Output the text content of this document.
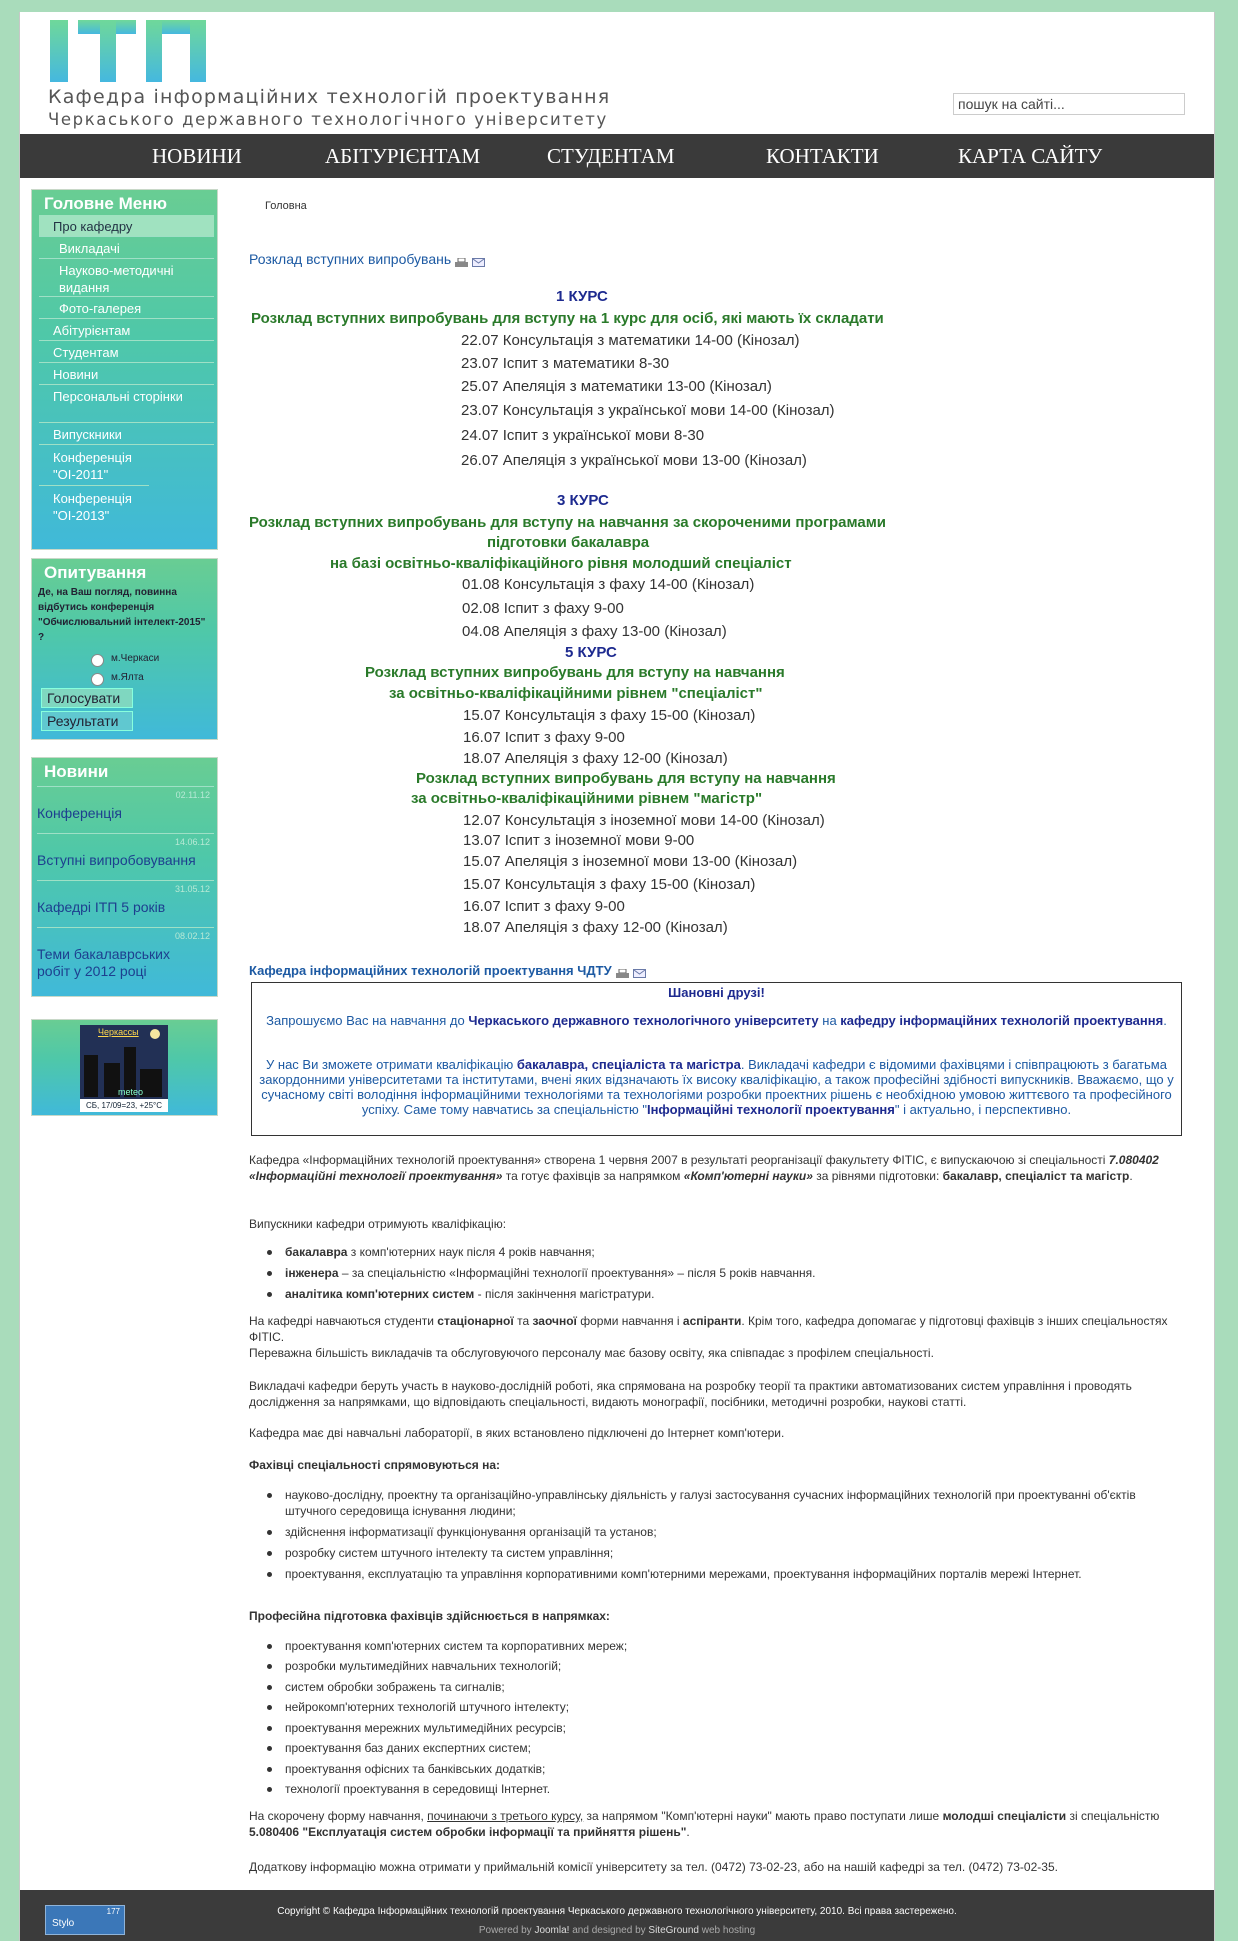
Кафедра інформаційних технологій проектування
Черкаського державного технологічного університету
пошук на сайті...
НОВИНИ	АБІТУРІЄНТАМ	СТУДЕНТАМ	КОНТАКТИ	КАРТА САЙТУ
Головне Меню
Про кафедру
Викладачі
Науково-методичні видання
Фото-галерея
Абітурієнтам
Студентам
Новини
Персональні сторінки
Випускники
Конференція "OI-2011"
Конференція "OI-2013"
Опитування
Де, на Ваш погляд, повинна відбутись конференція "Обчислювальний інтелект-2015" ?
м.Черкаси
м.Ялта
Голосувати
Результати
Новини
02.11.12
Конференція
14.06.12
Вступні випробовування
31.05.12
Кафедрі ІТП 5 років
08.02.12
Теми бакалаврських робіт у 2012 році
Черкассы
meteo
СБ, 17/09=23, +25°C
Головна
Розклад вступних випробувань
1 КУРС
Розклад вступних випробувань для вступу на 1 курс для осіб, які мають їх складати
22.07 Консультація з математики 14-00 (Кінозал)
23.07 Іспит з математики 8-30
25.07 Апеляція з математики 13-00 (Кінозал)
23.07 Консультація з української мови 14-00 (Кінозал)
24.07 Іспит з української мови 8-30
26.07 Апеляція з української мови 13-00 (Кінозал)
3 КУРС
Розклад вступних випробувань для вступу на навчання за скороченими програмами
підготовки бакалавра
на базі освітньо-кваліфікаційного рівня молодший спеціаліст
01.08 Консультація з фаху 14-00 (Кінозал)
02.08 Іспит з фаху 9-00
04.08 Апеляція з фаху 13-00 (Кінозал)
5 КУРС
Розклад вступних випробувань для вступу на навчання
за освітньо-кваліфікаційними рівнем "спеціаліст"
15.07 Консультація з фаху 15-00 (Кінозал)
16.07 Іспит з фаху 9-00
18.07 Апеляція з фаху 12-00 (Кінозал)
Розклад вступних випробувань для вступу на навчання
за освітньо-кваліфікаційними рівнем "магістр"
12.07 Консультація з іноземної мови 14-00 (Кінозал)
13.07 Іспит з іноземної мови 9-00
15.07 Апеляція з іноземної мови 13-00 (Кінозал)
15.07 Консультація з фаху 15-00 (Кінозал)
16.07 Іспит з фаху 9-00
18.07 Апеляція з фаху 12-00 (Кінозал)
Кафедра інформаційних технологій проектування ЧДТУ
Шановні друзі!
Запрошуємо Вас на навчання до Черкаського державного технологічного університету на кафедру інформаційних технологій проектування.
У нас Ви зможете отримати кваліфікацію бакалавра, спеціаліста та магістра. Викладачі кафедри є відомими фахівцями і співпрацюють з багатьма закордонними університетами та інститутами, вчені яких відзначають їх високу кваліфікацію, а також професійні здібності випускників. Вважаємо, що у сучасному світі володіння інформаційними технологіями та технологіями розробки проектних рішень є необхідною умовою життєвого та професійного успіху. Саме тому навчатись за спеціальністю "Інформаційні технології проектування" і актуально, і перспективно.
Кафедра «Інформаційних технологій проектування» створена 1 червня 2007 в результаті реорганізації факультету ФІТІС, є випускаючою зі спеціальності 7.080402 «Інформаційні технології проектування» та готує фахівців за напрямком «Комп'ютерні науки» за рівнями підготовки: бакалавр, спеціаліст та магістр.
Випускники кафедри отримують кваліфікацію:
бакалавра з комп'ютерних наук після 4 років навчання;
інженера – за спеціальністю «Інформаційні технології проектування» – після 5 років навчання.
аналітика комп'ютерних систем - після закінчення магістратури.
На кафедрі навчаються студенти стаціонарної та заочної форми навчання і аспіранти. Крім того, кафедра допомагає у підготовці фахівців з інших спеціальностях ФІТІС.
Переважна більшість викладачів та обслуговуючого персоналу має базову освіту, яка співпадає з профілем спеціальності.
Викладачі кафедри беруть участь в науково-дослідній роботі, яка спрямована на розробку теорії та практики автоматизованих систем управління і проводять дослідження за напрямками, що відповідають спеціальності, видають монографії, посібники, методичні розробки, наукові статті.
Кафедра має дві навчальні лабораторії, в яких встановлено підключені до Інтернет комп'ютери.
Фахівці спеціальності спрямовуються на:
науково-дослідну, проектну та організаційно-управлінську діяльність у галузі застосування сучасних інформаційних технологій при проектуванні об'єктів штучного середовища існування людини;
здійснення інформатизації функціонування організацій та установ;
розробку систем штучного інтелекту та систем управління;
проектування, експлуатацію та управління корпоративними комп'ютерними мережами, проектування інформаційних порталів мережі Інтернет.
Професійна підготовка фахівців здійснюється в напрямках:
проектування комп'ютерних систем та корпоративних мереж;
розробки мультимедійних навчальних технологій;
систем обробки зображень та сигналів;
нейрокомп'ютерних технологій штучного інтелекту;
проектування мережних мультимедійних ресурсів;
проектування баз даних експертних систем;
проектування офісних та банківських додатків;
технології проектування в середовищі Інтернет.
На скорочену форму навчання, починаючи з третього курсу, за напрямом "Комп'ютерні науки" мають право поступати лише молодші спеціалісти зі спеціальністю 5.080406 "Експлуатація систем обробки інформації та прийняття рішень".
Додаткову інформацію можна отримати у приймальній комісії університету за тел. (0472) 73-02-23, або на нашій кафедрі за тел. (0472) 73-02-35.
Stylo
177	Copyright © Кафедра Інформаційних технологій проектування Черкаського державного технологічного університету, 2010. Всі права застережено.
Powered by Joomla! and designed by SiteGround web hosting
